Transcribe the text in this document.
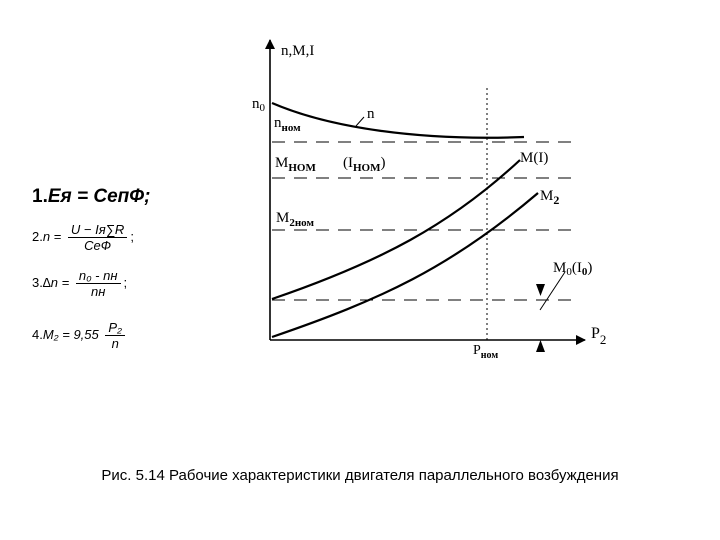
n,M,I
$P_2$
$P_{ном}$
$n_0$	n
$n_{ном}$
$M_{НОМ}$ $(I_{НОМ})$	M(I)
$M_2$
$M_{2ном}$
$M_0(I_0)$
1.Ея = СепФ;
$2.n = \frac{U - Iя\sum R}{\text{СеФ}}$ ;
$3.\Delta n = \frac{\text{n₀ - nн}}{nн}$ ;
$4.M_2 = 9,55 \frac{\text{P₂}}{n}$
Рис. 5.14 Рабочие характеристики двигателя параллельного возбуждения
